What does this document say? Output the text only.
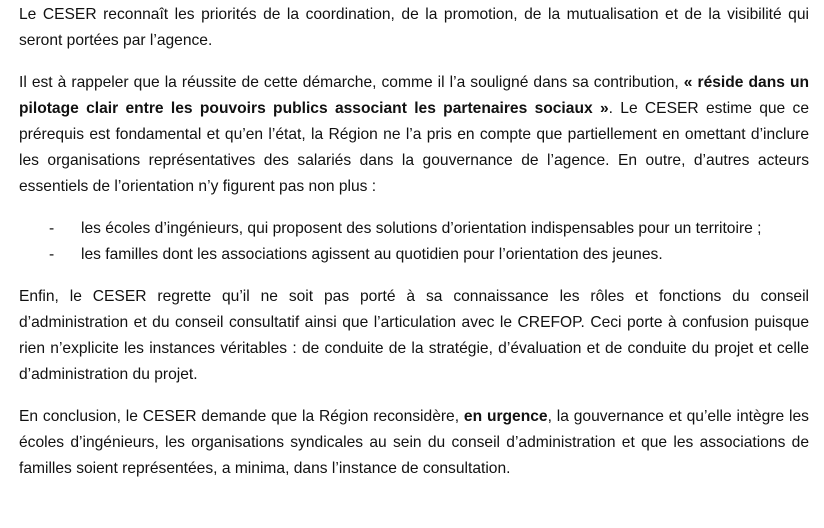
Le CESER reconnaît les priorités de la coordination, de la promotion, de la mutualisation et de la visibilité qui seront portées par l’agence.

Il est à rappeler que la réussite de cette démarche, comme il l’a souligné dans sa contribution, « réside dans un pilotage clair entre les pouvoirs publics associant les partenaires sociaux ». Le CESER estime que ce prérequis est fondamental et qu’en l’état, la Région ne l’a pris en compte que partiellement en omettant d’inclure les organisations représentatives des salariés dans la gouvernance de l’agence. En outre, d’autres acteurs essentiels de l’orientation n’y figurent pas non plus :

- les écoles d’ingénieurs, qui proposent des solutions d’orientation indispensables pour un territoire ;
- les familles dont les associations agissent au quotidien pour l’orientation des jeunes.

Enfin, le CESER regrette qu’il ne soit pas porté à sa connaissance les rôles et fonctions du conseil d’administration et du conseil consultatif ainsi que l’articulation avec le CREFOP. Ceci porte à confusion puisque rien n’explicite les instances véritables : de conduite de la stratégie, d’évaluation et de conduite du projet et celle d’administration du projet.

En conclusion, le CESER demande que la Région reconsidère, en urgence, la gouvernance et qu’elle intègre les écoles d’ingénieurs, les organisations syndicales au sein du conseil d’administration et que les associations de familles soient représentées, a minima, dans l’instance de consultation.
